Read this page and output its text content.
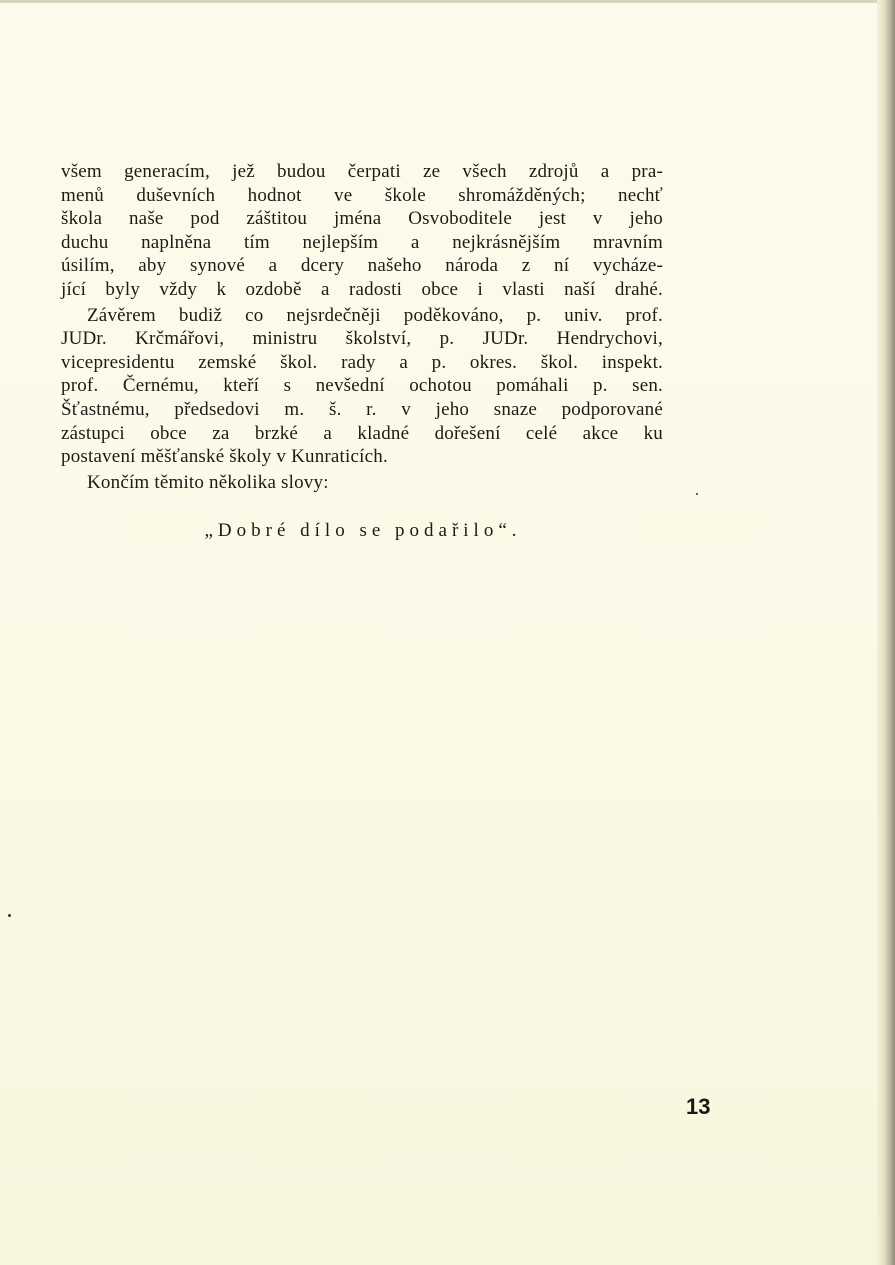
všem generacím, jež budou čerpati ze všech zdrojů a pra-
menů duševních hodnot ve škole shromážděných; nechť
škola naše pod záštitou jména Osvoboditele jest v jeho
duchu naplněna tím nejlepším a nejkrásnějším mravním
úsilím, aby synové a dcery našeho národa z ní vycháze-
jící byly vždy k ozdobě a radosti obce i vlasti naší drahé.
Závěrem budiž co nejsrdečněji poděkováno, p. univ. prof.
JUDr. Krčmářovi, ministru školství, p. JUDr. Hendrychovi,
vicepresidentu zemské škol. rady a p. okres. škol. inspekt.
prof. Černému, kteří s nevšední ochotou pomáhali p. sen.
Šťastnému, předsedovi m. š. r. v jeho snaze podporované
zástupci obce za brzké a kladné dořešení celé akce ku
postavení měšťanské školy v Kunraticích.
Končím těmito několika slovy:
„Dobré dílo se podařilo“.
13
